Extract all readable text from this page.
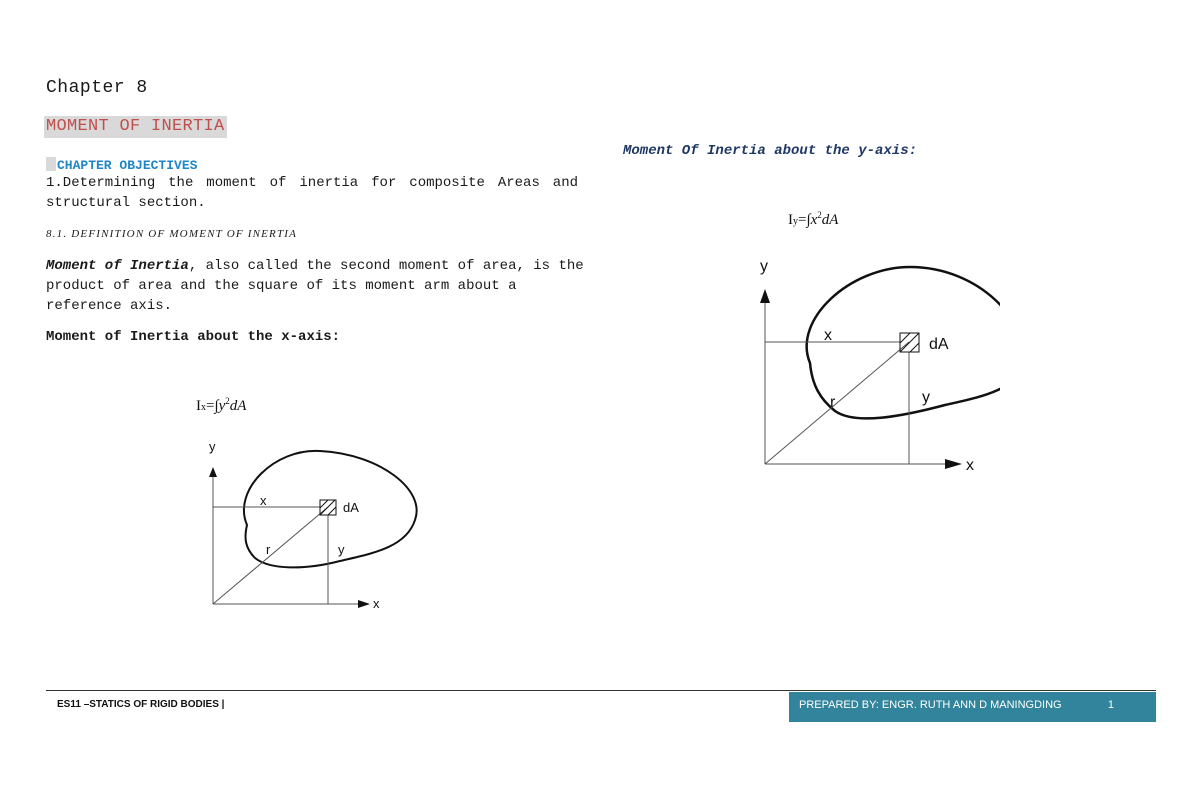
Chapter 8
MOMENT OF INERTIA
CHAPTER OBJECTIVES
1.Determining the moment of inertia for composite Areas and structural section.
8.1. DEFINITION OF MOMENT OF INERTIA
Moment of Inertia, also called the second moment of area, is the product of area and the square of its moment arm about a reference axis.
Moment of Inertia about the x-axis:
$Ix=\int y^2dA$
y
x
x	dA
r	y
Moment Of Inertia about the y-axis:
$Iy=\int x^2dA$
y
x
x
dA
r	y
ES11 –STATICS OF RIGID BODIES |	PREPARED BY: ENGR. RUTH ANN D MANINGDING	1
